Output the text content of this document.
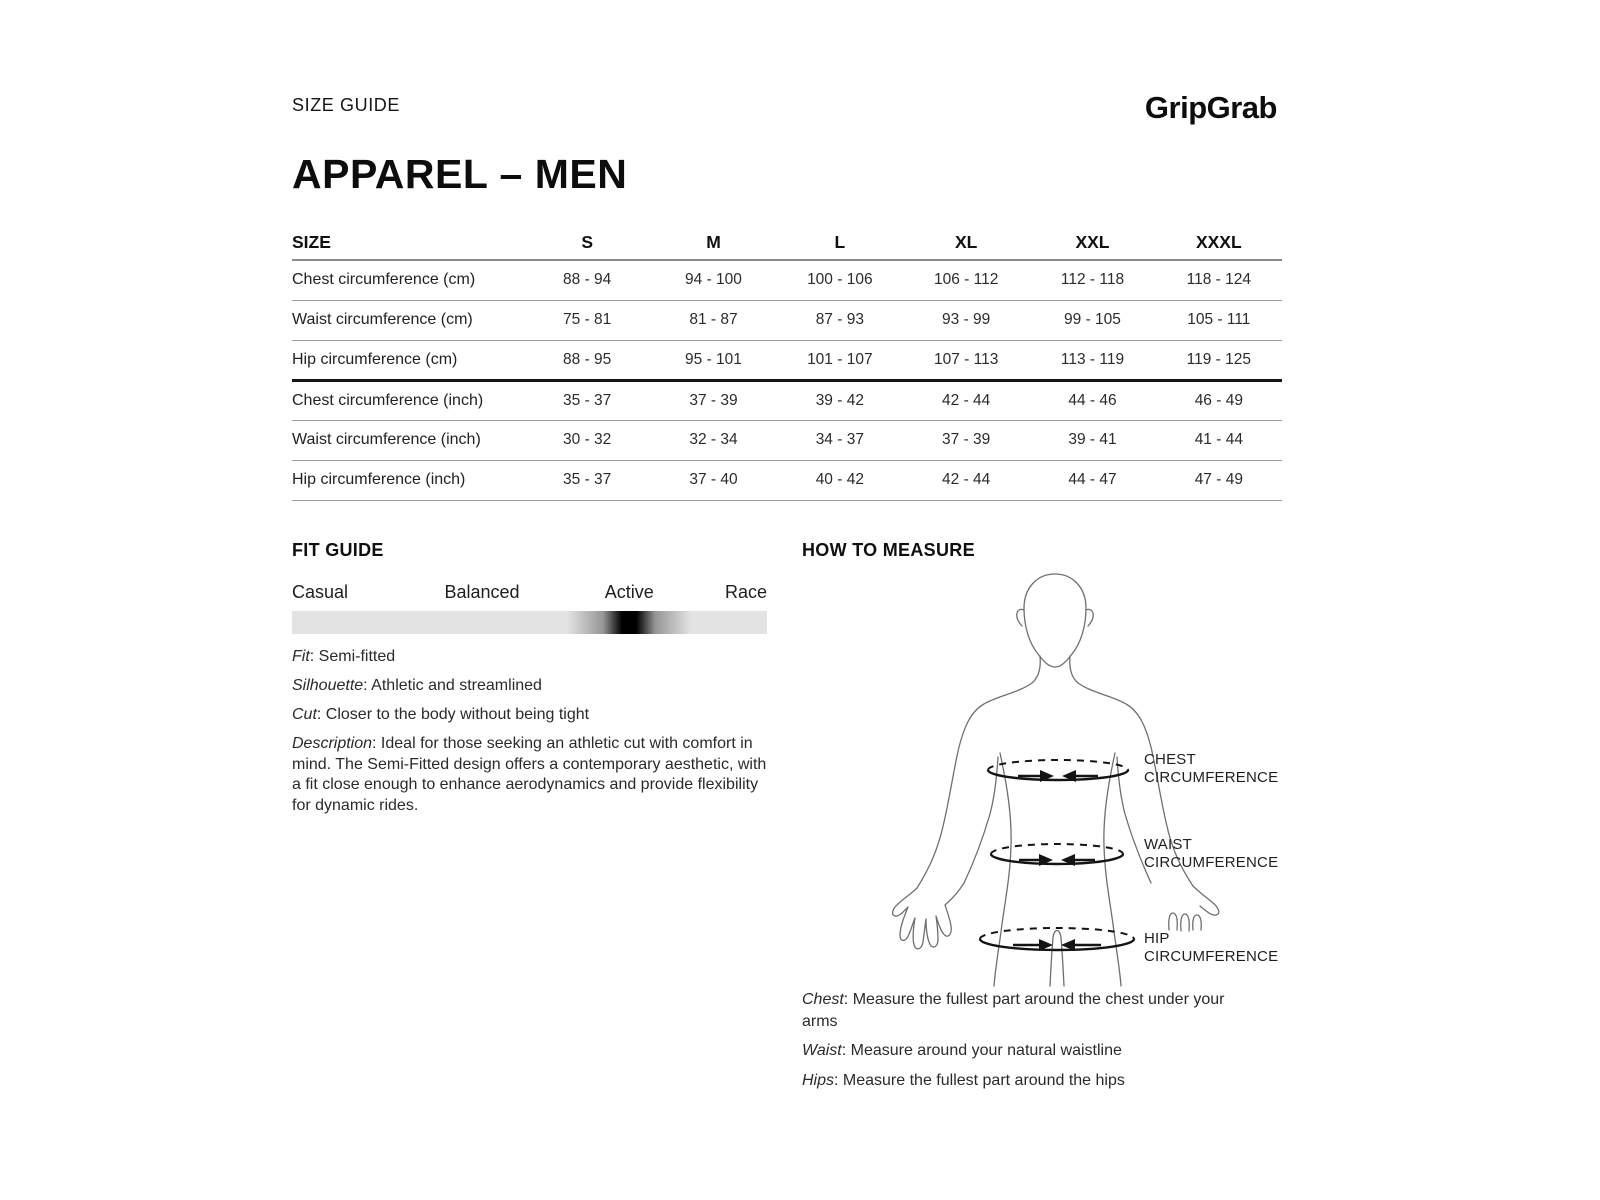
SIZE GUIDE	GripGrab
APPAREL – MEN
SIZE	S	M	L	XL	XXL	XXXL
Chest circumference (cm)	88 - 94	94 - 100	100 - 106	106 - 112	112 - 118	118 - 124
Waist circumference (cm)	75 - 81	81 - 87	87 - 93	93 - 99	99 - 105	105 - 111
Hip circumference (cm)	88 - 95	95 - 101	101 - 107	107 - 113	113 - 119	119 - 125
Chest circumference (inch)	35 - 37	37 - 39	39 - 42	42 - 44	44 - 46	46 - 49
Waist circumference (inch)	30 - 32	32 - 34	34 - 37	37 - 39	39 - 41	41 - 44
Hip circumference (inch)	35 - 37	37 - 40	40 - 42	42 - 44	44 - 47	47 - 49
FIT GUIDE
Casual	Balanced	Active	Race

Fit: Semi-fitted

Silhouette: Athletic and streamlined

Cut: Closer to the body without being tight

Description: Ideal for those seeking an athletic cut with comfort in mind. The Semi-Fitted design offers a contemporary aesthetic, with a fit close enough to enhance aerodynamics and provide flexibility for dynamic rides.

HOW TO MEASURE
CHEST
CIRCUMFERENCE
WAIST
CIRCUMFERENCE
HIP
CIRCUMFERENCE

Chest: Measure the fullest part around the chest under your arms

Waist: Measure around your natural waistline

Hips: Measure the fullest part around the hips
